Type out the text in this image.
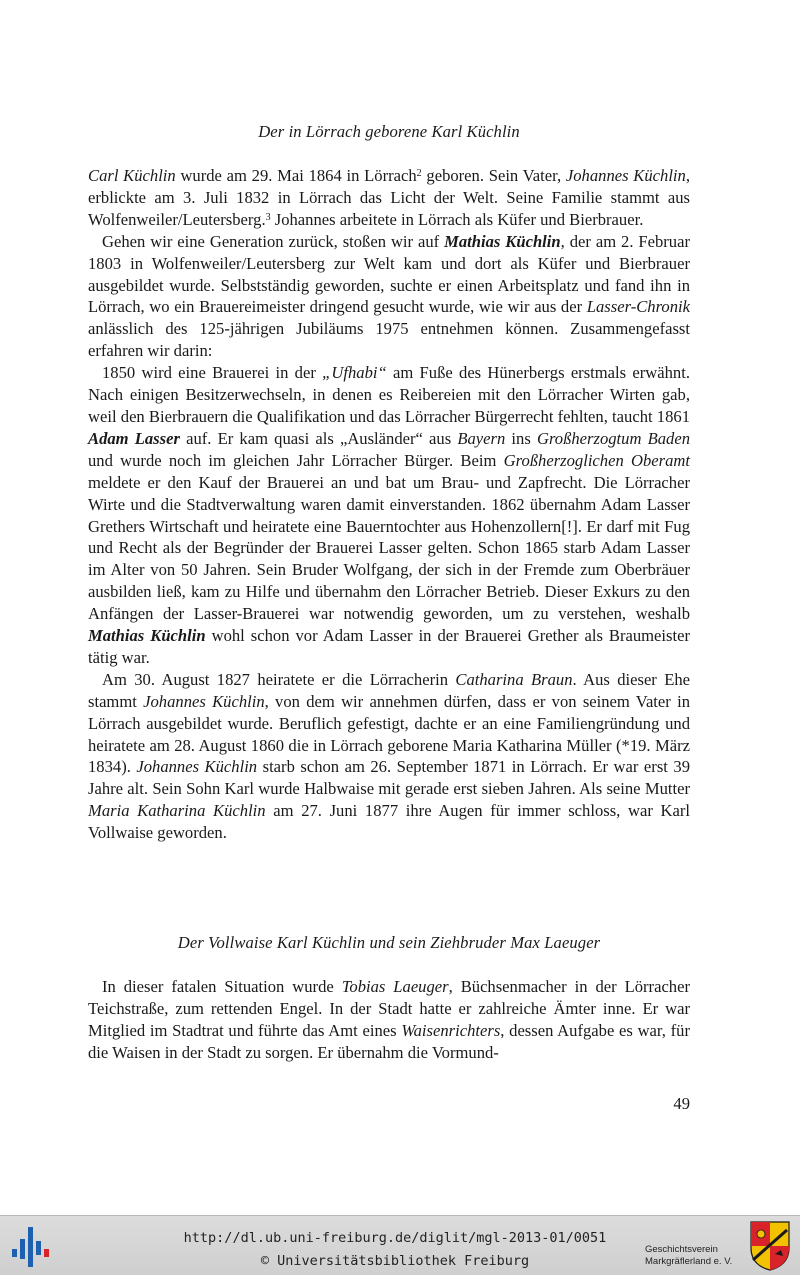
Der in Lörrach geborene Karl Küchlin

Carl Küchlin wurde am 29. Mai 1864 in Lörrach$^2$ geboren. Sein Vater, Johannes Küchlin, erblickte am 3. Juli 1832 in Lörrach das Licht der Welt. Seine Familie stammt aus Wolfenweiler/Leutersberg.$^3$ Johannes arbeitete in Lörrach als Küfer und Bierbrauer.

Gehen wir eine Generation zurück, stoßen wir auf Mathias Küchlin, der am 2. Februar 1803 in Wolfenweiler/Leutersberg zur Welt kam und dort als Küfer und Bierbrauer ausgebildet wurde. Selbstständig geworden, suchte er einen Arbeitsplatz und fand ihn in Lörrach, wo ein Brauereimeister dringend gesucht wurde, wie wir aus der Lasser-Chronik anlässlich des 125-jährigen Jubiläums 1975 entnehmen können. Zusammengefasst erfahren wir darin:

1850 wird eine Brauerei in der „Ufhabi“ am Fuße des Hünerbergs erstmals erwähnt. Nach einigen Besitzerwechseln, in denen es Reibereien mit den Lörracher Wirten gab, weil den Bierbrauern die Qualifikation und das Lörracher Bürgerrecht fehlten, taucht 1861 Adam Lasser auf. Er kam quasi als „Ausländer“ aus Bayern ins Großherzogtum Baden und wurde noch im gleichen Jahr Lörracher Bürger. Beim Großherzoglichen Oberamt meldete er den Kauf der Brauerei an und bat um Brau- und Zapfrecht. Die Lörracher Wirte und die Stadtverwaltung waren damit einverstanden. 1862 übernahm Adam Lasser Grethers Wirtschaft und heiratete eine Bauerntochter aus Hohenzollern[!]. Er darf mit Fug und Recht als der Begründer der Brauerei Lasser gelten. Schon 1865 starb Adam Lasser im Alter von 50 Jahren. Sein Bruder Wolfgang, der sich in der Fremde zum Oberbräuer ausbilden ließ, kam zu Hilfe und übernahm den Lörracher Betrieb. Dieser Exkurs zu den Anfängen der Lasser-Brauerei war notwendig geworden, um zu verstehen, weshalb Mathias Küchlin wohl schon vor Adam Lasser in der Brauerei Grether als Braumeister tätig war.

Am 30. August 1827 heiratete er die Lörracherin Catharina Braun. Aus dieser Ehe stammt Johannes Küchlin, von dem wir annehmen dürfen, dass er von seinem Vater in Lörrach ausgebildet wurde. Beruflich gefestigt, dachte er an eine Familiengründung und heiratete am 28. August 1860 die in Lörrach geborene Maria Katharina Müller (*19. März 1834). Johannes Küchlin starb schon am 26. September 1871 in Lörrach. Er war erst 39 Jahre alt. Sein Sohn Karl wurde Halbwaise mit gerade erst sieben Jahren. Als seine Mutter Maria Katharina Küchlin am 27. Juni 1877 ihre Augen für immer schloss, war Karl Vollwaise geworden.

Der Vollwaise Karl Küchlin und sein Ziehbruder Max Laeuger

In dieser fatalen Situation wurde Tobias Laeuger, Büchsenmacher in der Lörracher Teichstraße, zum rettenden Engel. In der Stadt hatte er zahlreiche Ämter inne. Er war Mitglied im Stadtrat und führte das Amt eines Waisenrichters, dessen Aufgabe es war, für die Waisen in der Stadt zu sorgen. Er übernahm die Vormund-

49
http://dl.ub.uni-freiburg.de/diglit/mgl-2013-01/0051
© Universitätsbibliothek Freiburg
Geschichtsverein
Markgräflerland e. V.
